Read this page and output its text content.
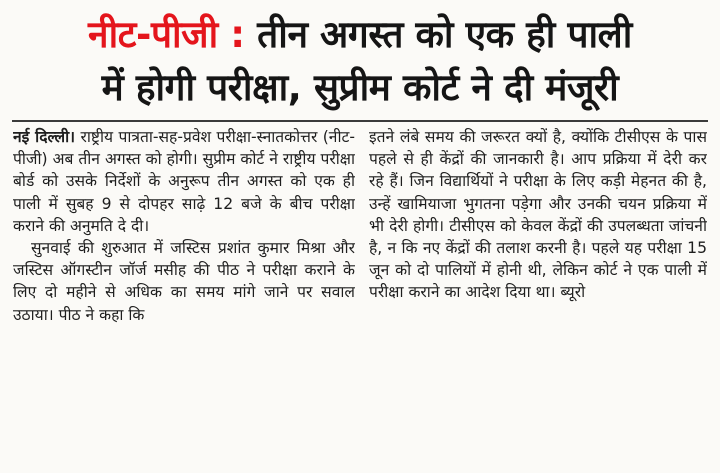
नीट-पीजी : तीन अगस्त को एक ही पाली
में होगी परीक्षा, सुप्रीम कोर्ट ने दी मंजूरी

नई दिल्ली। राष्ट्रीय पात्रता-सह-प्रवेश परीक्षा-स्नातकोत्तर (नीट-पीजी) अब तीन अगस्त को होगी। सुप्रीम कोर्ट ने राष्ट्रीय परीक्षा बोर्ड को उसके निर्देशों के अनुरूप तीन अगस्त को एक ही पाली में सुबह 9 से दोपहर साढ़े 12 बजे के बीच परीक्षा कराने की अनुमति दे दी।

सुनवाई की शुरुआत में जस्टिस प्रशांत कुमार मिश्रा और जस्टिस ऑगस्टीन जॉर्ज मसीह की पीठ ने परीक्षा कराने के लिए दो महीने से अधिक का समय मांगे जाने पर सवाल उठाया। पीठ ने कहा कि

इतने लंबे समय की जरूरत क्यों है, क्योंकि टीसीएस के पास पहले से ही केंद्रों की जानकारी है। आप प्रक्रिया में देरी कर रहे हैं। जिन विद्यार्थियों ने परीक्षा के लिए कड़ी मेहनत की है, उन्हें खामियाजा भुगतना पड़ेगा और उनकी चयन प्रक्रिया में भी देरी होगी। टीसीएस को केवल केंद्रों की उपलब्धता जांचनी है, न कि नए केंद्रों की तलाश करनी है। पहले यह परीक्षा 15 जून को दो पालियों में होनी थी, लेकिन कोर्ट ने एक पाली में परीक्षा कराने का आदेश दिया था। ब्यूरो
